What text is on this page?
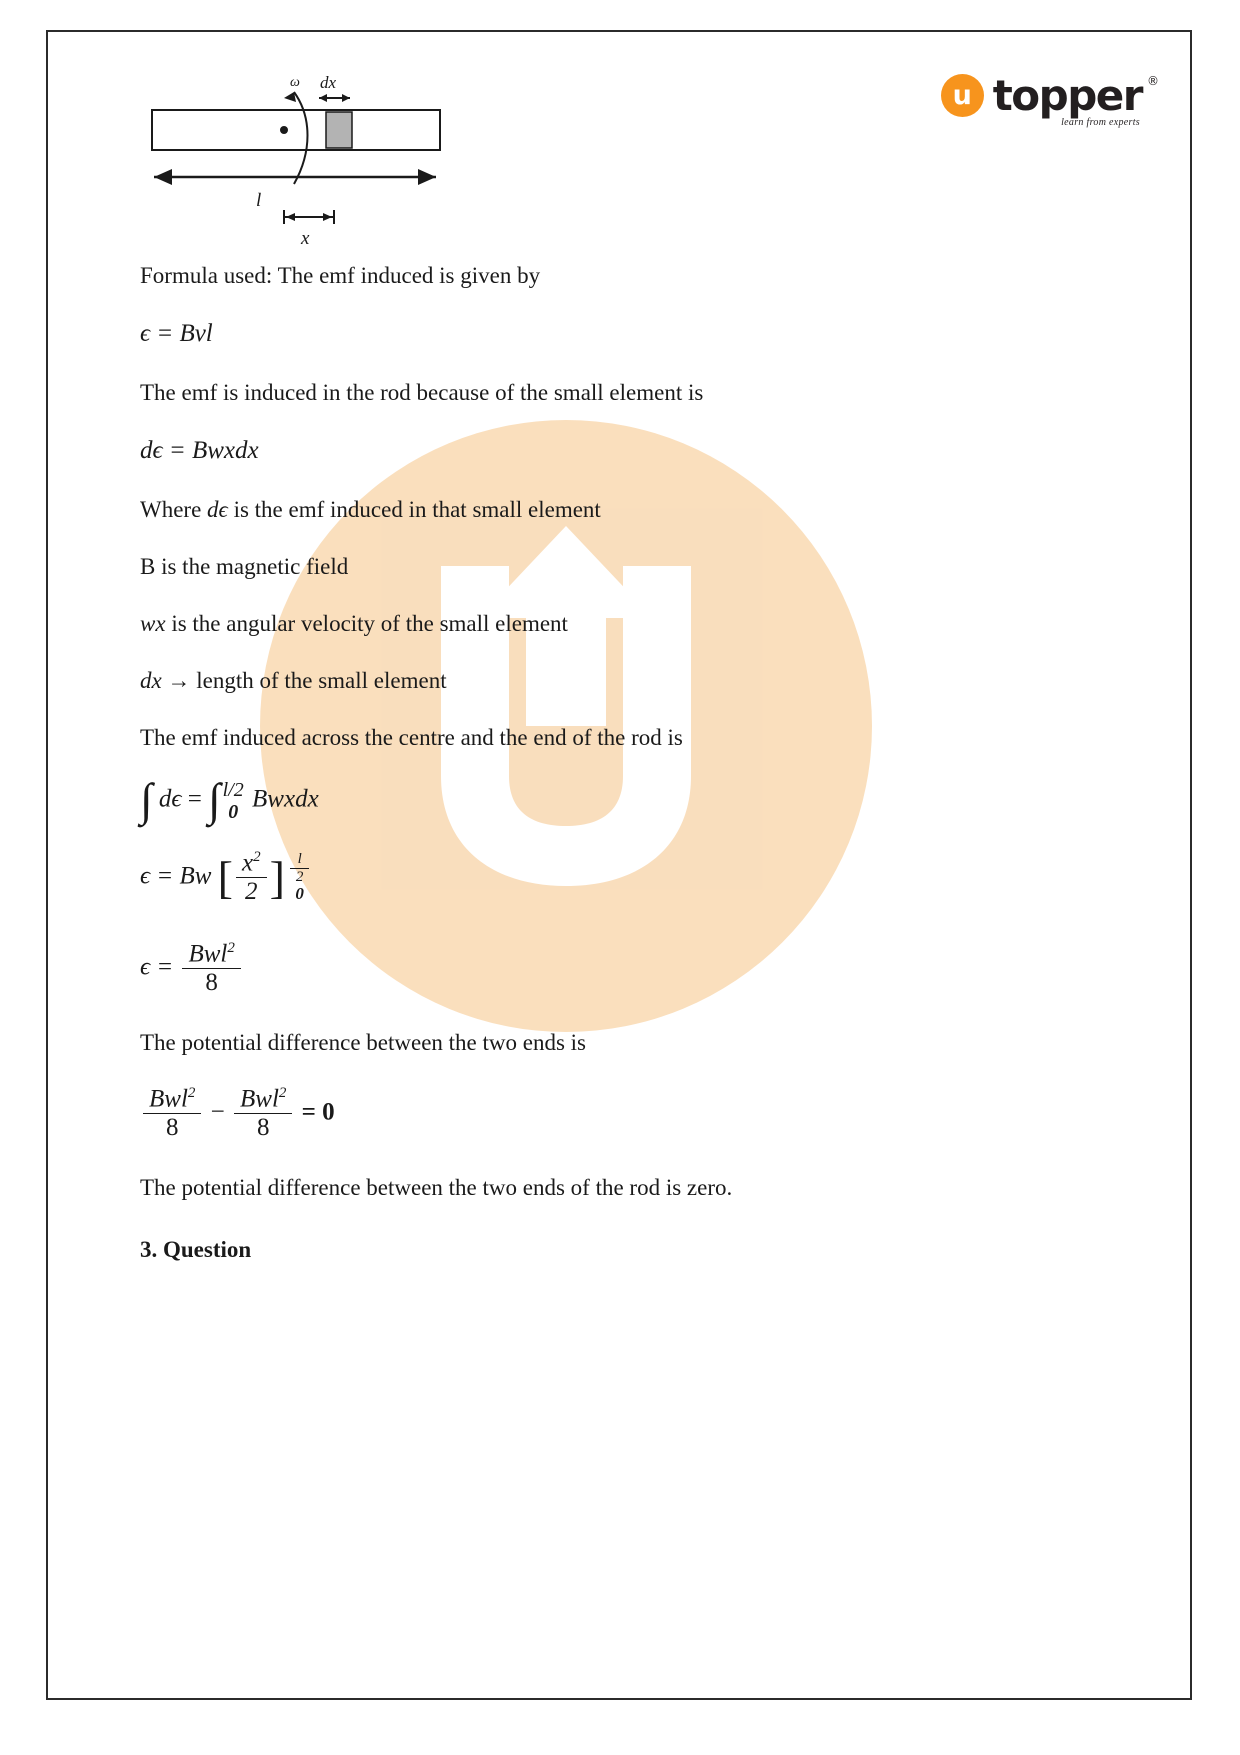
u topper ®
learn from experts
ω dx
l
x

Formula used: The emf induced is given by

ϵ = Bvl

The emf is induced in the rod because of the small element is

dϵ = Bwxdx

Where dϵ is the emf induced in that small element

B is the magnetic field

wx is the angular velocity of the small element

dx → length of the small element

The emf induced across the centre and the end of the rod is

∫ dϵ = ∫ l/2
0 Bwxdx
ϵ = Bw [ $\frac{x^2}{2}$ ] l
2
0
$\epsilon = \frac{Bwl^2}{8}$

The potential difference between the two ends is

$\frac{Bwl^2}{8} - \frac{Bwl^2}{8} = 0$

The potential difference between the two ends of the rod is zero.

3. Question
